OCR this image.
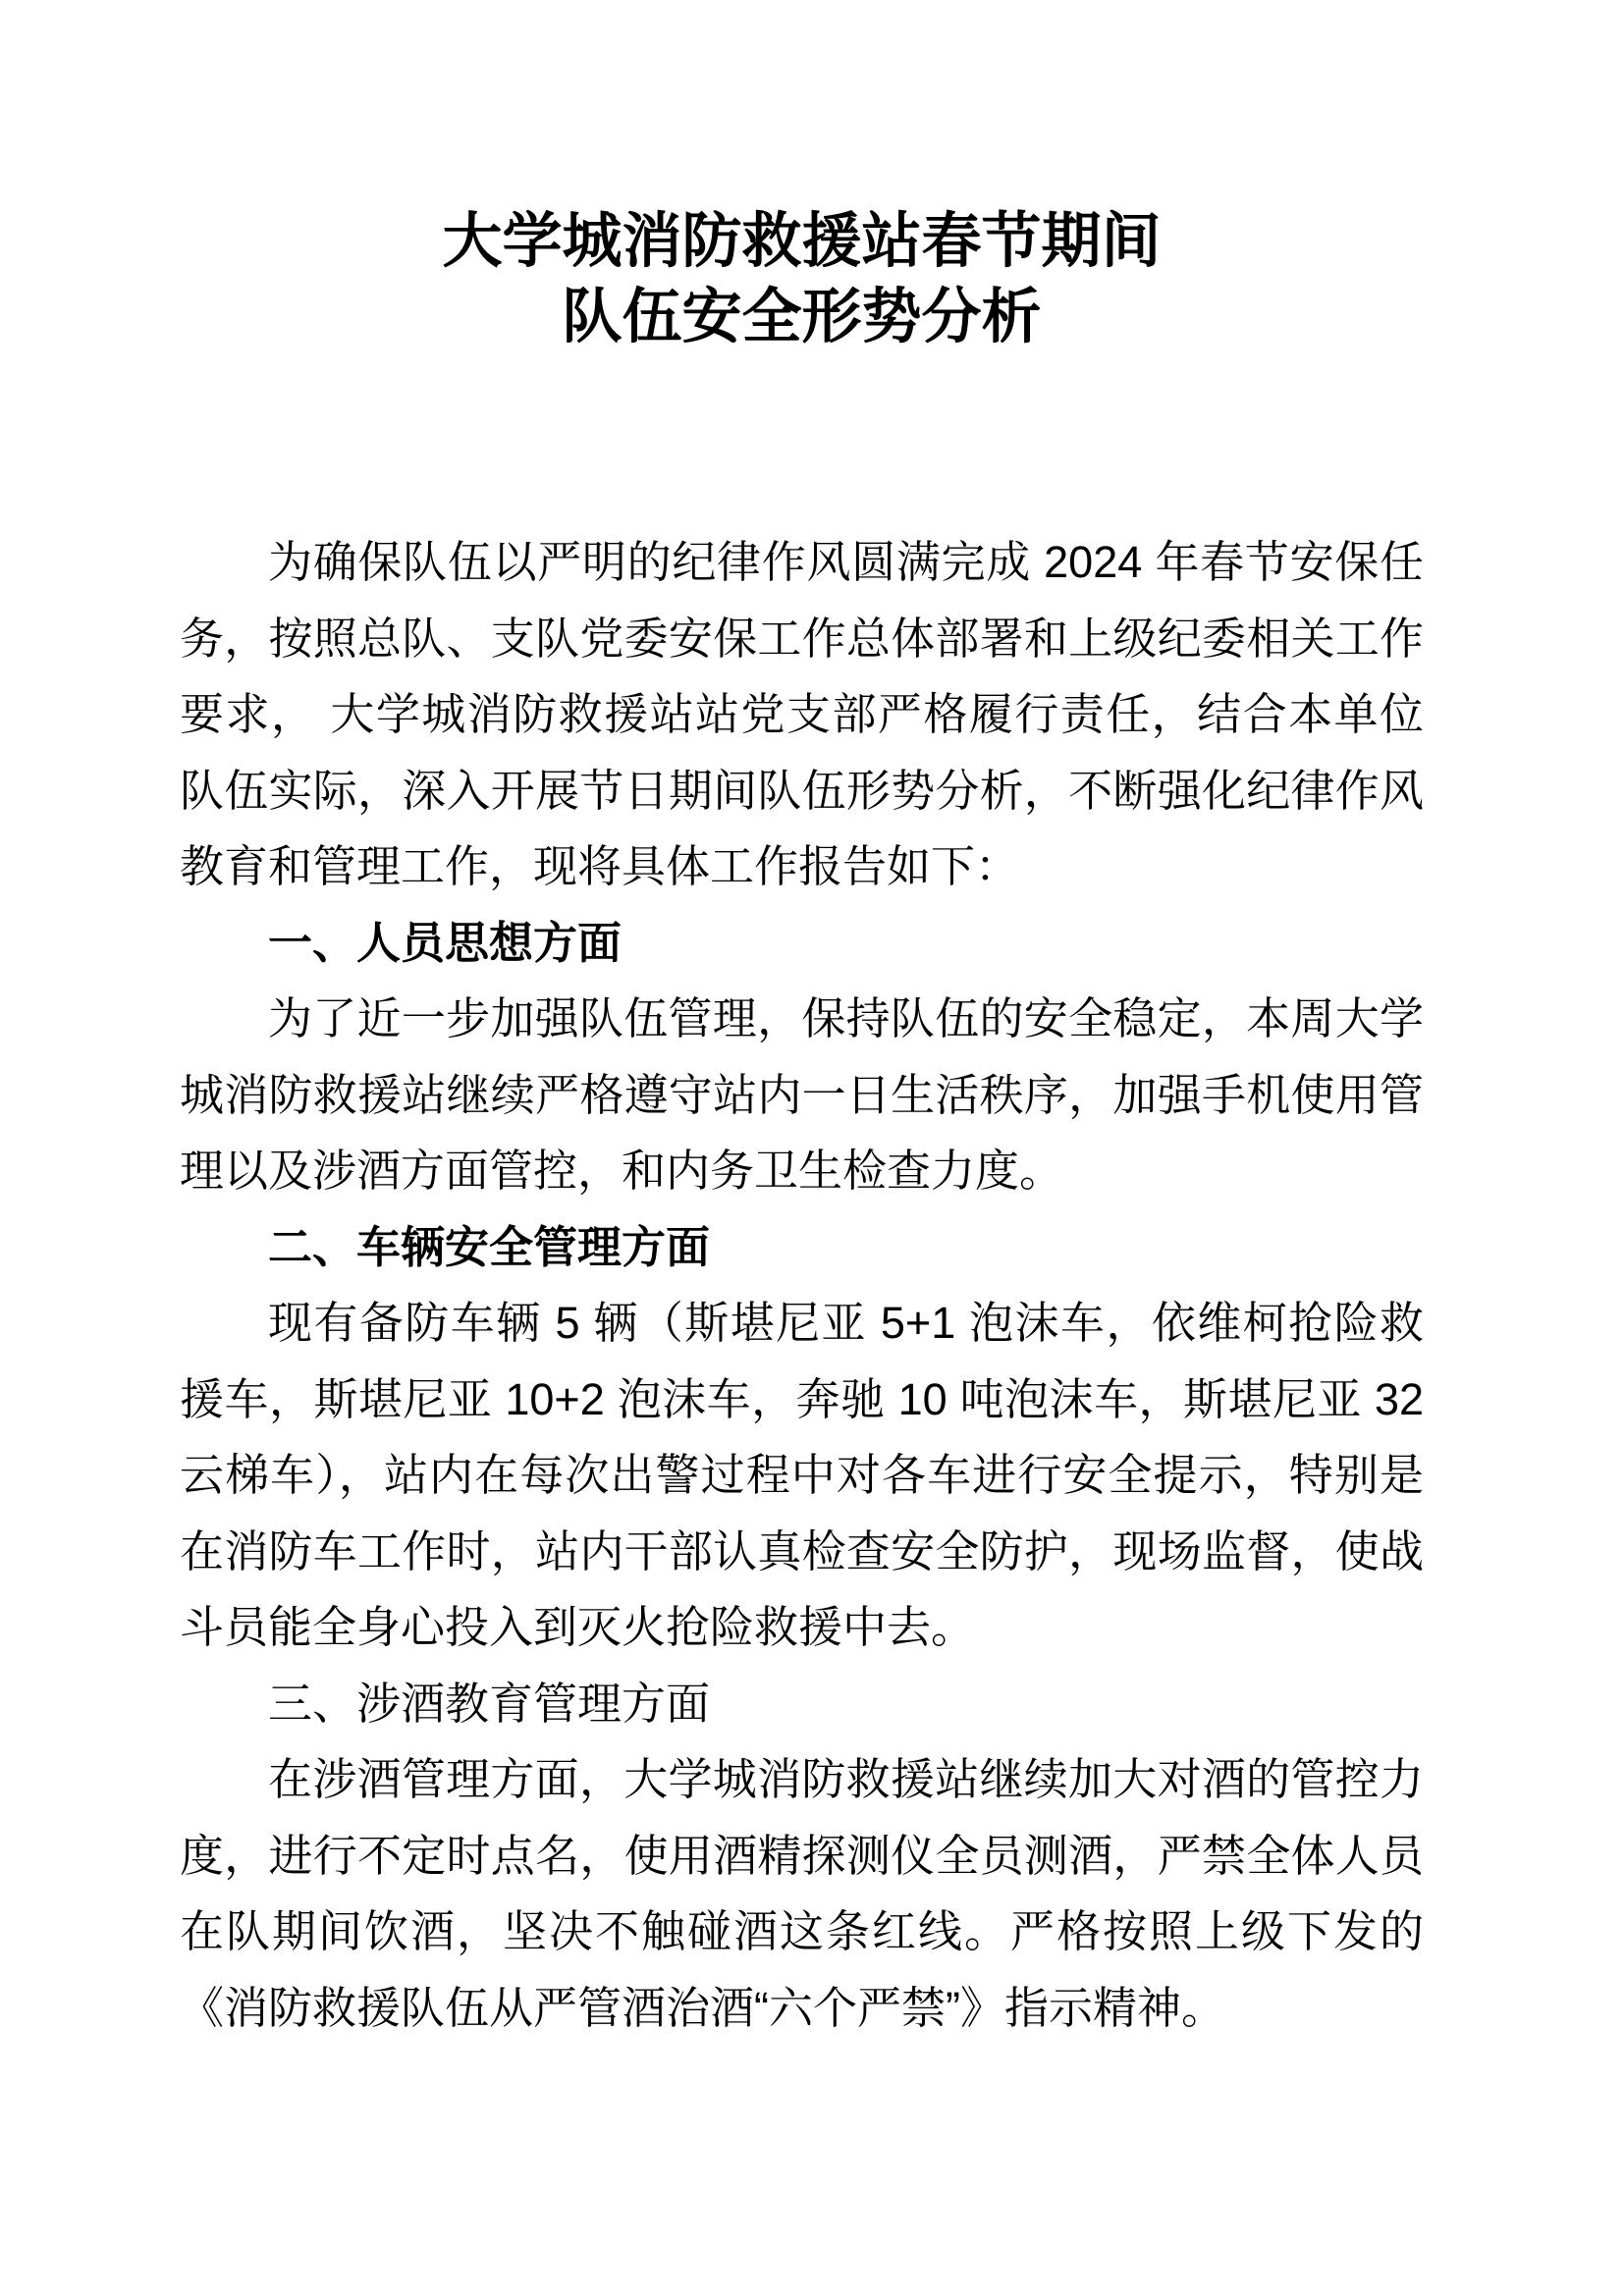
大学城消防救援站春节期间
队伍安全形势分析
为确保队伍以严明的纪律作风圆满完成 2024 年春节安保任
务，按照总队、支队党委安保工作总体部署和上级纪委相关工作
要求， 大学城消防救援站站党支部严格履行责任，结合本单位
队伍实际，深入开展节日期间队伍形势分析，不断强化纪律作风
教育和管理工作，现将具体工作报告如下：
一、人员思想方面
为了近一步加强队伍管理，保持队伍的安全稳定，本周大学
城消防救援站继续严格遵守站内一日生活秩序，加强手机使用管
理以及涉酒方面管控，和内务卫生检查力度。
二、车辆安全管理方面
现有备防车辆 5 辆（斯堪尼亚 5+1 泡沫车，依维柯抢险救
援车，斯堪尼亚 10+2 泡沫车，奔驰 10 吨泡沫车，斯堪尼亚 32
云梯车），站内在每次出警过程中对各车进行安全提示，特别是
在消防车工作时，站内干部认真检查安全防护，现场监督，使战
斗员能全身心投入到灭火抢险救援中去。
三、涉酒教育管理方面
在涉酒管理方面，大学城消防救援站继续加大对酒的管控力
度，进行不定时点名，使用酒精探测仪全员测酒，严禁全体人员
在队期间饮酒，坚决不触碰酒这条红线。严格按照上级下发的
《消防救援队伍从严管酒治酒“六个严禁”》指示精神。
